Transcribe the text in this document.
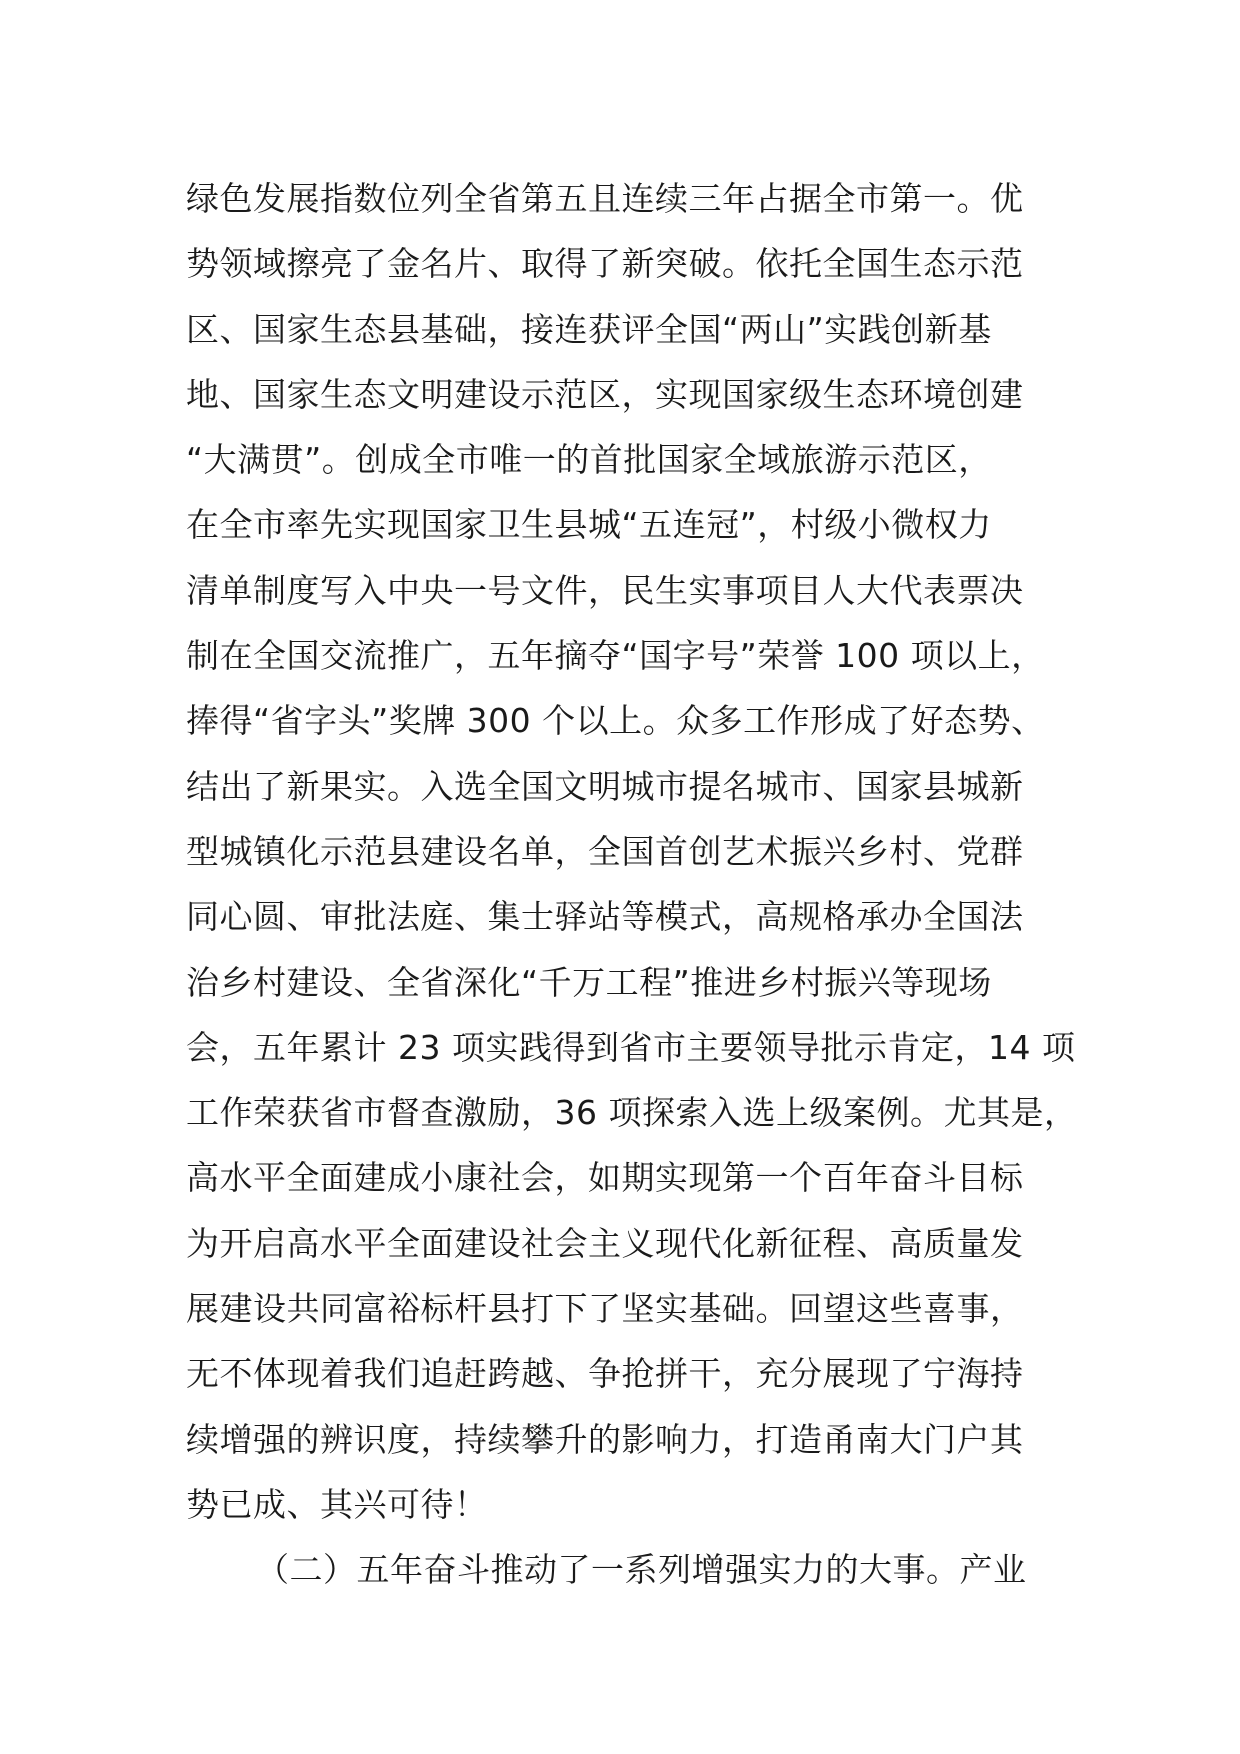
绿色发展指数位列全省第五且连续三年占据全市第一。优
势领域擦亮了金名片、取得了新突破。依托全国生态示范
区、国家生态县基础，接连获评全国“两山”实践创新基
地、国家生态文明建设示范区，实现国家级生态环境创建
“大满贯”。创成全市唯一的首批国家全域旅游示范区，
在全市率先实现国家卫生县城“五连冠”，村级小微权力
清单制度写入中央一号文件，民生实事项目人大代表票决
制在全国交流推广，五年摘夺“国字号”荣誉 100 项以上，
捧得“省字头”奖牌 300 个以上。众多工作形成了好态势、
结出了新果实。入选全国文明城市提名城市、国家县城新
型城镇化示范县建设名单，全国首创艺术振兴乡村、党群
同心圆、审批法庭、集士驿站等模式，高规格承办全国法
治乡村建设、全省深化“千万工程”推进乡村振兴等现场
会，五年累计 23 项实践得到省市主要领导批示肯定，14 项
工作荣获省市督查激励，36 项探索入选上级案例。尤其是，
高水平全面建成小康社会，如期实现第一个百年奋斗目标
为开启高水平全面建设社会主义现代化新征程、高质量发
展建设共同富裕标杆县打下了坚实基础。回望这些喜事，
无不体现着我们追赶跨越、争抢拼干，充分展现了宁海持
续增强的辨识度，持续攀升的影响力，打造甬南大门户其
势已成、其兴可待！
（二）五年奋斗推动了一系列增强实力的大事。产业
